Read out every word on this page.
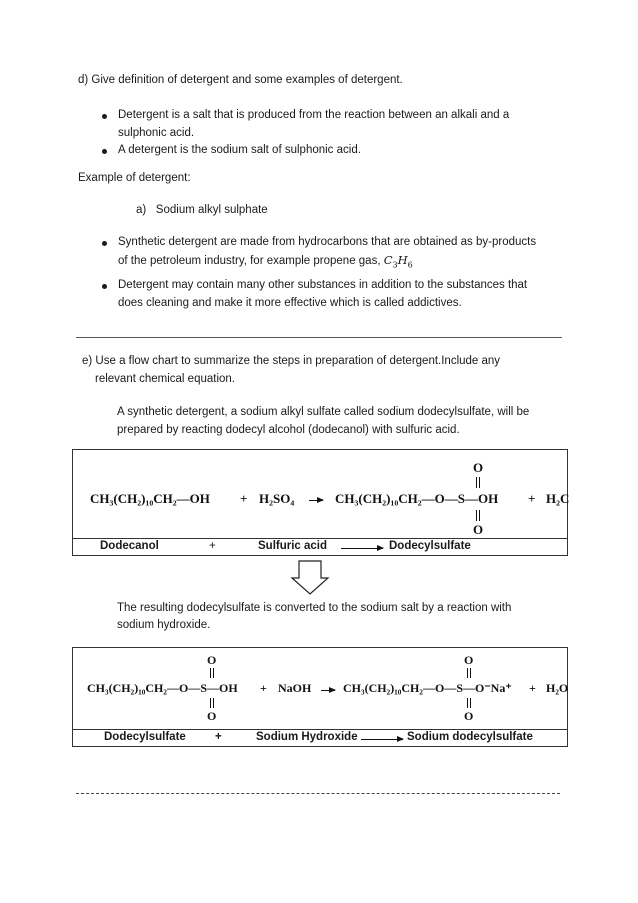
d) Give definition of detergent and some examples of detergent.
Detergent is a salt that is produced from the reaction between an alkali and a
sulphonic acid.
A detergent is the sodium salt of sulphonic acid.
Example of detergent:
a)   Sodium alkyl sulphate
Synthetic detergent are made from hydrocarbons that are obtained as by-products
of the petroleum industry, for example propene gas, $C_3H_6$
Detergent may contain many other substances in addition to the substances that
does cleaning and make it more effective which is called addictives.
e) Use a flow chart to summarize the steps in preparation of detergent.Include any
relevant chemical equation.
A synthetic detergent, a sodium alkyl sulfate called sodium dodecylsulfate, will be
prepared by reacting dodecyl alcohol (dodecanol) with sulfuric acid.
CH₃(CH₂)₁₀CH₂—OH + H₂SO₄	CH₃(CH₂)₁₀CH₂—O—S—OH
O
O
+ H₂C
Dodecanol	+	Sulfuric acid	Dodecylsulfate
The resulting dodecylsulfate is converted to the sodium salt by a reaction with
sodium hydroxide.
CH₃(CH₂)₁₀CH₂—O—S—OH
O
O
+ NaOH	CH₃(CH₂)₁₀CH₂—O—S—O⁻Na⁺
O
O
+ H₂O
Dodecylsulfate	+	Sodium Hydroxide	Sodium dodecylsulfate
